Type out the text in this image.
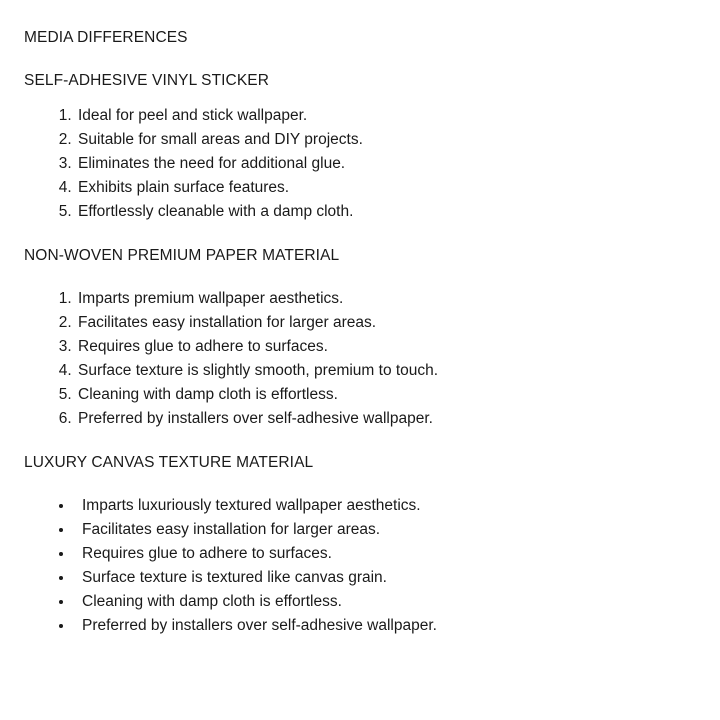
MEDIA DIFFERENCES
SELF-ADHESIVE VINYL STICKER
1. Ideal for peel and stick wallpaper.
2. Suitable for small areas and DIY projects.
3. Eliminates the need for additional glue.
4. Exhibits plain surface features.
5. Effortlessly cleanable with a damp cloth.
NON-WOVEN PREMIUM PAPER MATERIAL
1. Imparts premium wallpaper aesthetics.
2. Facilitates easy installation for larger areas.
3. Requires glue to adhere to surfaces.
4. Surface texture is slightly smooth, premium to touch.
5. Cleaning with damp cloth is effortless.
6. Preferred by installers over self-adhesive wallpaper.
LUXURY CANVAS TEXTURE MATERIAL
• Imparts luxuriously textured wallpaper aesthetics.
• Facilitates easy installation for larger areas.
• Requires glue to adhere to surfaces.
• Surface texture is textured like canvas grain.
• Cleaning with damp cloth is effortless.
• Preferred by installers over self-adhesive wallpaper.
